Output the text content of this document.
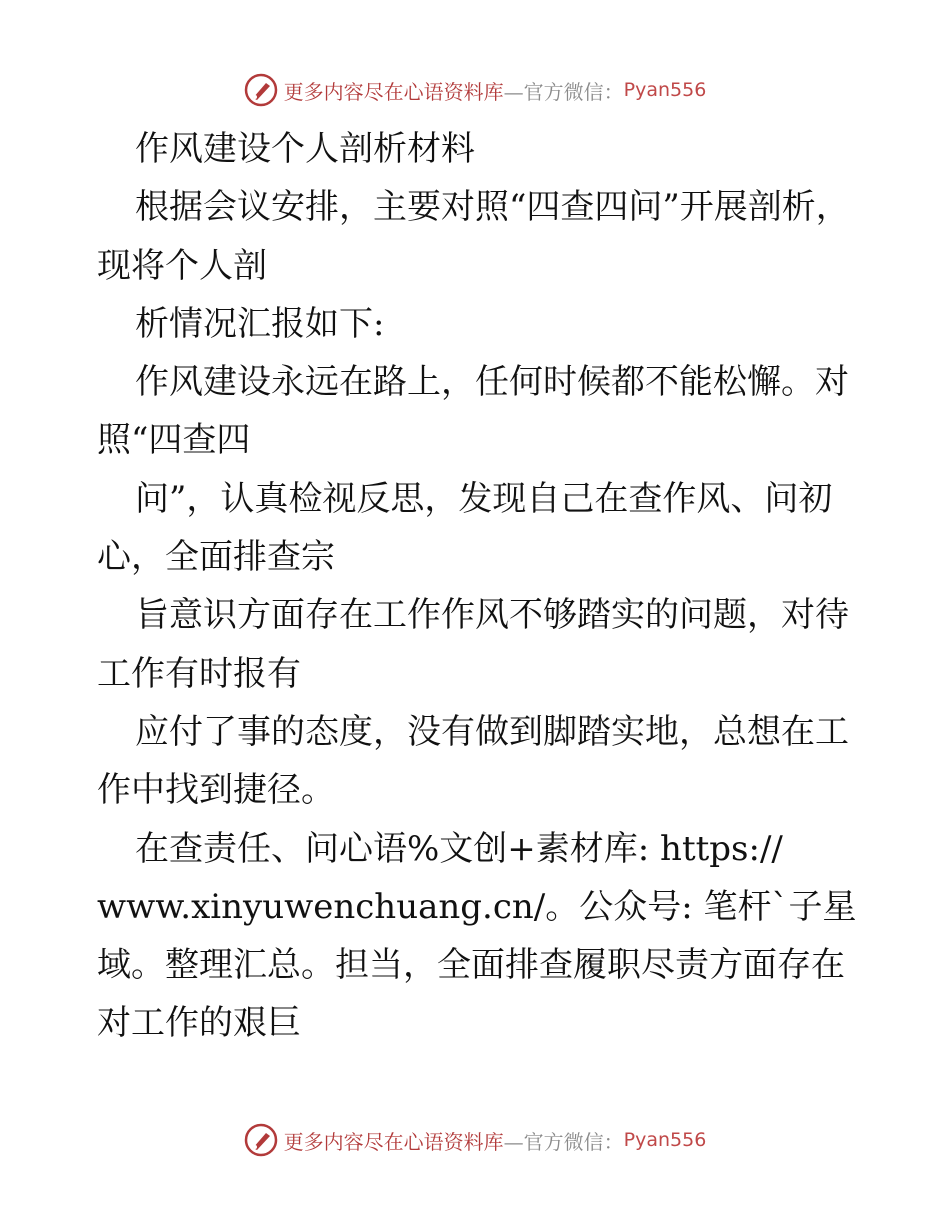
更多内容尽在心语资料库 —官方微信： Pyan556

作风建设个人剖析材料

根据会议安排，主要对照“四查四问”开展剖析，现将个人剖

析情况汇报如下:

作风建设永远在路上，任何时候都不能松懈。对照“四查四

问”，认真检视反思，发现自己在查作风、问初心，全面排查宗

旨意识方面存在工作作风不够踏实的问题，对待工作有时报有

应付了事的态度，没有做到脚踏实地，总想在工作中找到捷径。

在查责任、问心语%文创+素材库: https://

www.xinyuwenchuang.cn/。公众号: 笔杆`子星

域。整理汇总。担当，全面排查履职尽责方面存在对工作的艰巨

更多内容尽在心语资料库 —官方微信： Pyan556
